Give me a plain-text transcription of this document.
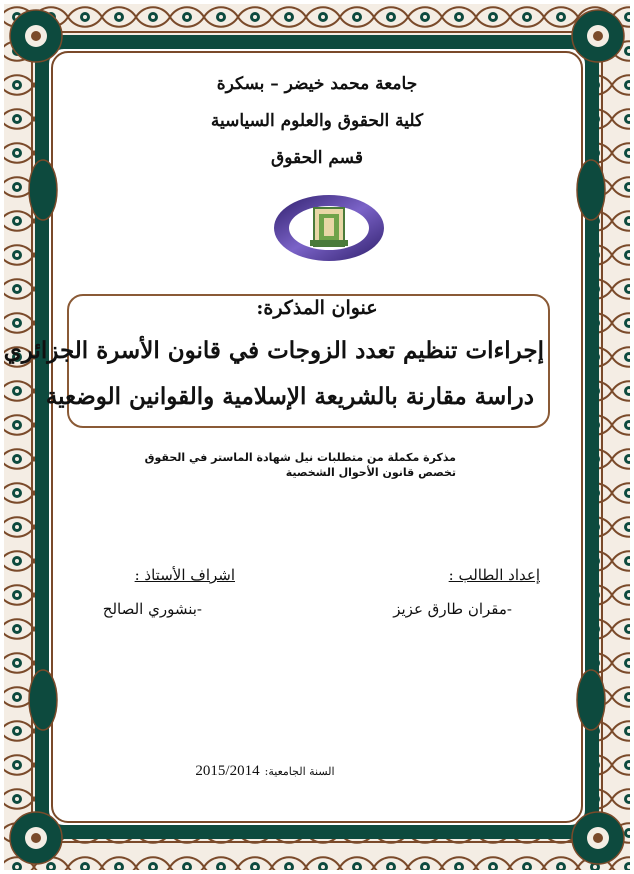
جامعة محمد خيضر – بسكرة
كلية الحقوق والعلوم السياسية
قسم الحقوق
عنوان المذكرة:
إجراءات تنظيم تعدد الزوجات في قانون الأسرة الجزائري
دراسة مقارنة بالشريعة الإسلامية والقوانين الوضعية
مذكرة مكملة من متطلبات نيل شهادة الماستر في الحقوق
تخصص قانون الأحوال الشخصية
إعداد الطالب :
-مقران طارق عزيز
اشراف الأستاذ :
-بنشوري الصالح
السنة الجامعية: 2015/2014
